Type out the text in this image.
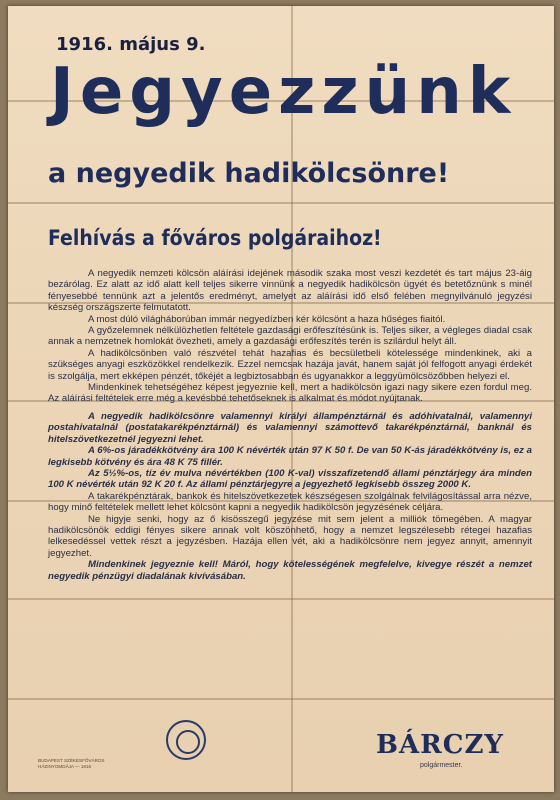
1916. május 9.
Jegyezzünk
a negyedik hadikölcsönre!
Felhívás a főváros polgáraihoz!

A negyedik nemzeti kölcsön aláírási idejének második szaka most veszi kezdetét és tart május 23-áig bezárólag. Ez alatt az idő alatt kell teljes sikerre vinnünk a negyedik hadikölcsön ügyét és betetőznünk s minél fényesebbé tennünk azt a jelentős eredményt, amelyet az aláírási idő első felében megnyilvánuló jegyzési készség országszerte felmutatott.

A most dúló világháborúban immár negyedízben kér kölcsönt a haza hűséges fiaitól.

A győzelemnek nélkülözhetlen feltétele gazdasági erőfeszítésünk is. Teljes siker, a végleges diadal csak annak a nemzetnek homlokát övezheti, amely a gazdasági erőfeszítés terén is szilárdul helyt áll.

A hadikölcsönben való részvétel tehát hazafias és becsületbeli kötelessége mindenkinek, aki a szükséges anyagi eszközökkel rendelkezik. Ezzel nemcsak hazája javát, hanem saját jól felfogott anyagi érdekét is szolgálja, mert ekképen pénzét, tőkéjét a legbiztosabban és ugyanakkor a leggyümölcsözőbben helyezi el.

Mindenkinek tehetségéhez képest jegyeznie kell, mert a hadikölcsön igazi nagy sikere ezen fordul meg. Az aláírási feltételek erre még a kevésbbé tehetőseknek is alkalmat és módot nyújtanak.

A negyedik hadikölcsönre valamennyi királyi állampénztárnál és adóhivatalnál, valamennyi postahivatalnál (postatakarékpénztárnál) és valamennyi számottevő takarékpénztárnál, banknál és hitelszövetkezetnél jegyezni lehet.

A 6%-os járadékkötvény ára 100 K névérték után 97 K 50 f. De van 50 K-ás járadékkötvény is, ez a legkisebb kötvény és ára 48 K 75 fillér.

Az 5½%-os, tíz év mulva névértékben (100 K-val) visszafizetendő állami pénztárjegy ára minden 100 K névérték után 92 K 20 f. Az állami pénztárjegyre a jegyezhető legkisebb összeg 2000 K.

A takarékpénztárak, bankok és hitelszövetkezetek készségesen szolgálnak felvilágosítással arra nézve, hogy minő feltételek mellett lehet kölcsönt kapni a negyedik hadikölcsön jegyzésének céljára.

Ne higyje senki, hogy az ő kisösszegű jegyzése mit sem jelent a milliók tömegében. A magyar hadikölcsönök eddigi fényes sikere annak volt köszönhető, hogy a nemzet legszélesebb rétegei hazafias lelkesedéssel vettek részt a jegyzésben. Hazája ellen vét, aki a hadikölcsönre nem jegyez annyit, amennyit jegyezhet.

Mindenkinek jegyeznie kell! Máról, hogy kötelességének megfelelve, kivegye részét a nemzet negyedik pénzügyi diadalának kivívásában.

BUDAPEST SZÉKESFŐVÁROS HÁZINYOMDÁJA — 1916
BÁRCZY
polgármester.
